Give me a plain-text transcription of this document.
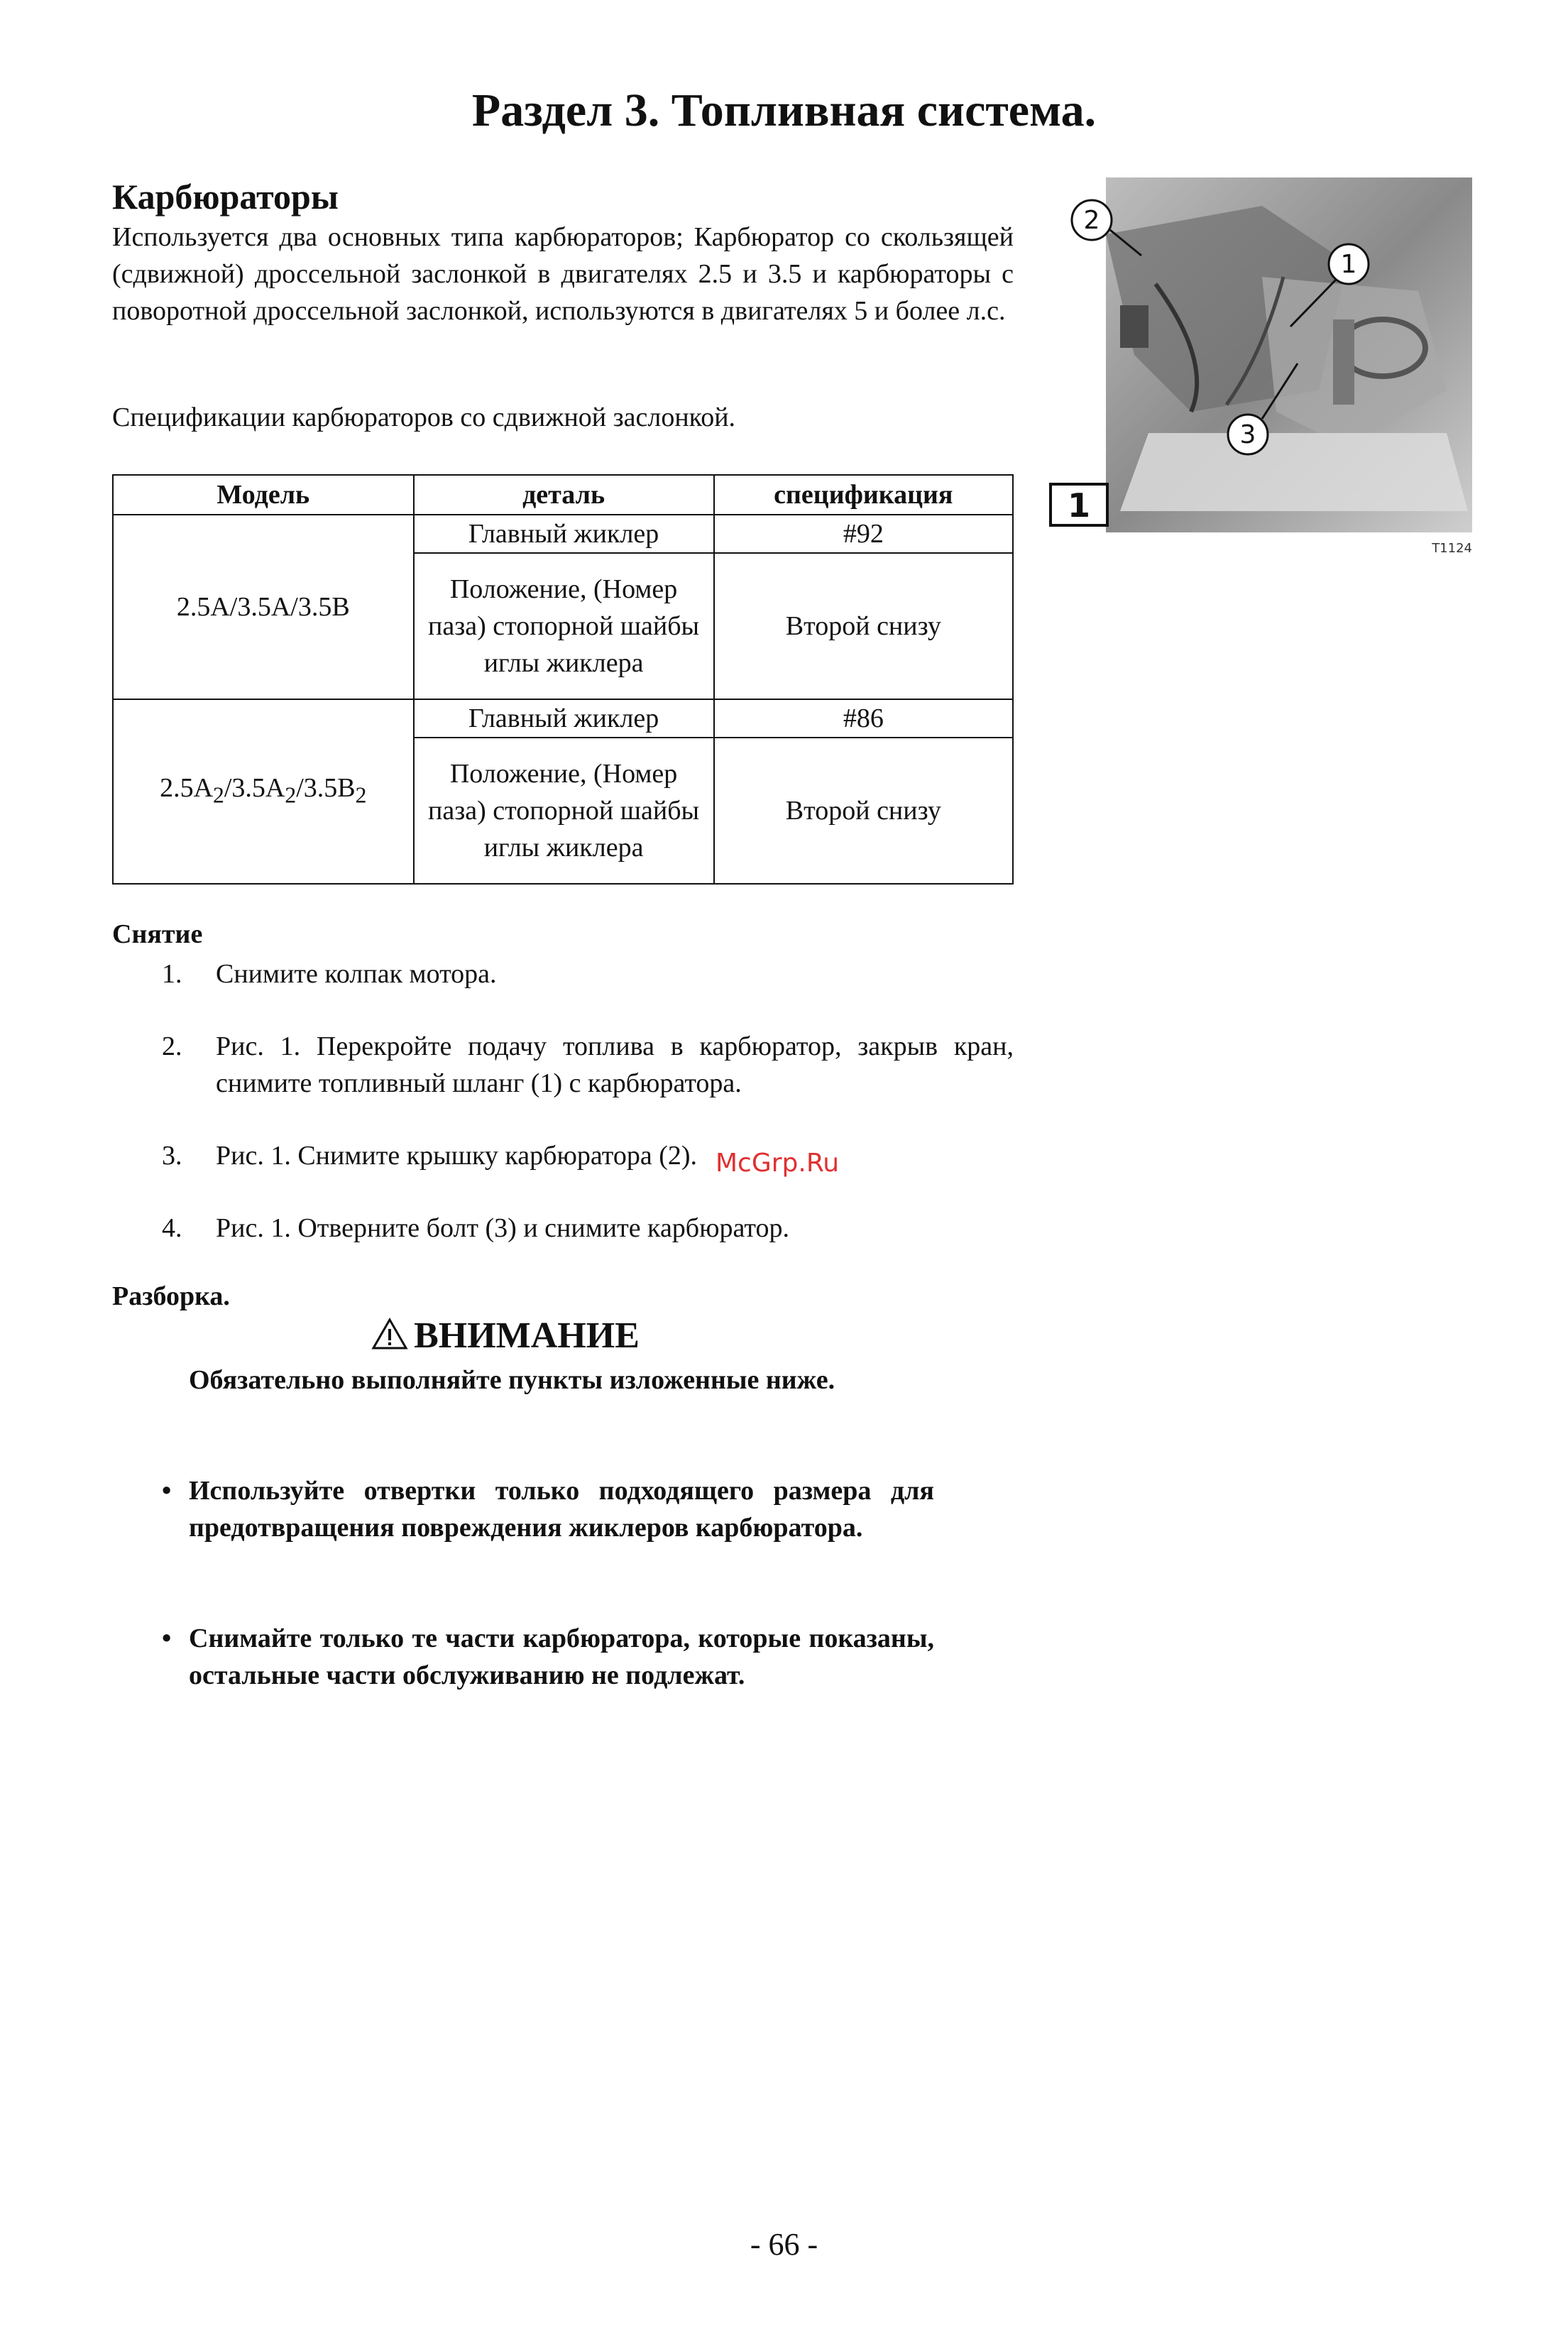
Раздел 3. Топливная система.
Карбюраторы
Используется два основных типа карбюраторов; Карбюратор со скользящей (сдвижной) дроссельной заслонкой в двигателях 2.5 и 3.5 и карбюраторы с поворотной дроссельной заслонкой, используются в двигателях 5 и более л.с.
Спецификации карбюраторов со сдвижной заслонкой.
Модель	деталь	спецификация
2.5A/3.5A/3.5B	Главный жиклер	#92
	Положение, (Номер паза) стопорной шайбы иглы жиклера	Второй снизу
$2.5A_2/3.5A_2/3.5B_2$	Главный жиклер	#86
	Положение, (Номер паза) стопорной шайбы иглы жиклера	Второй снизу
Снятие
1.	Снимите колпак мотора.
2.	Рис. 1. Перекройте подачу топлива в карбюратор, закрыв кран, снимите топливный шланг (1) с карбюратора.
3.	Рис. 1. Снимите крышку карбюратора (2).
4.	Рис. 1. Отверните болт (3) и снимите карбюратор.
McGrp.Ru
Разборка.
ВНИМАНИЕ
Обязательно выполняйте пункты изложенные ниже.
• Используйте отвертки только подходящего размера для предотвращения повреждения жиклеров карбюратора.
• Снимайте только те части карбюратора, которые показаны, остальные части обслуживанию не подлежат.
2
1
3
1
T1124
- 66 -
